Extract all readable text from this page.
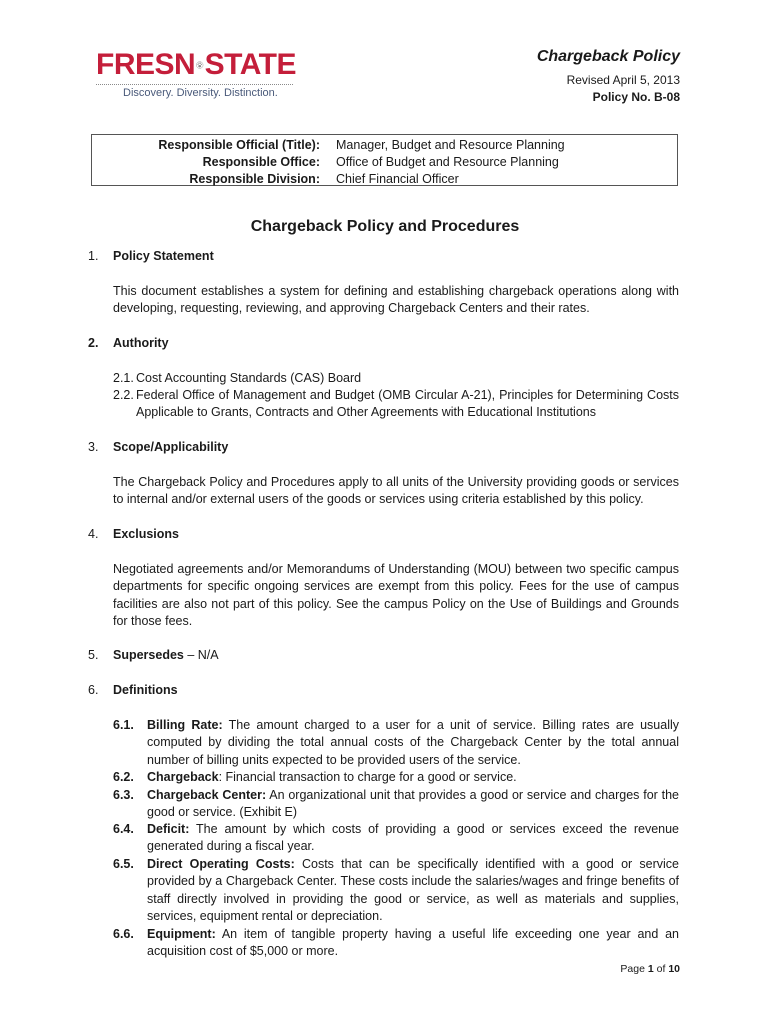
FRESN STATE
Discovery. Diversity. Distinction.
Chargeback Policy
Revised April 5, 2013
Policy No. B-08
Responsible Official (Title): Manager, Budget and Resource Planning
Responsible Office: Office of Budget and Resource Planning
Responsible Division: Chief Financial Officer
Chargeback Policy and Procedures
1. Policy Statement

This document establishes a system for defining and establishing chargeback operations along with developing, requesting, reviewing, and approving Chargeback Centers and their rates.

2. Authority
2.1. Cost Accounting Standards (CAS) Board
2.2. Federal Office of Management and Budget (OMB Circular A-21), Principles for Determining Costs Applicable to Grants, Contracts and Other Agreements with Educational Institutions
3. Scope/Applicability

The Chargeback Policy and Procedures apply to all units of the University providing goods or services to internal and/or external users of the goods or services using criteria established by this policy.

4. Exclusions

Negotiated agreements and/or Memorandums of Understanding (MOU) between two specific campus departments for specific ongoing services are exempt from this policy. Fees for the use of campus facilities are also not part of this policy. See the campus Policy on the Use of Buildings and Grounds for those fees.

5. Supersedes – N/A
6. Definitions
6.1.	Billing Rate: The amount charged to a user for a unit of service. Billing rates are usually computed by dividing the total annual costs of the Chargeback Center by the total annual number of billing units expected to be provided users of the service.
6.2.	Chargeback: Financial transaction to charge for a good or service.
6.3.	Chargeback Center: An organizational unit that provides a good or service and charges for the good or service. (Exhibit E)
6.4.	Deficit: The amount by which costs of providing a good or services exceed the revenue generated during a fiscal year.
6.5.	Direct Operating Costs: Costs that can be specifically identified with a good or service provided by a Chargeback Center. These costs include the salaries/wages and fringe benefits of staff directly involved in providing the good or service, as well as materials and supplies, services, equipment rental or depreciation.
6.6.	Equipment: An item of tangible property having a useful life exceeding one year and an acquisition cost of $5,000 or more.
Page 1 of 10
